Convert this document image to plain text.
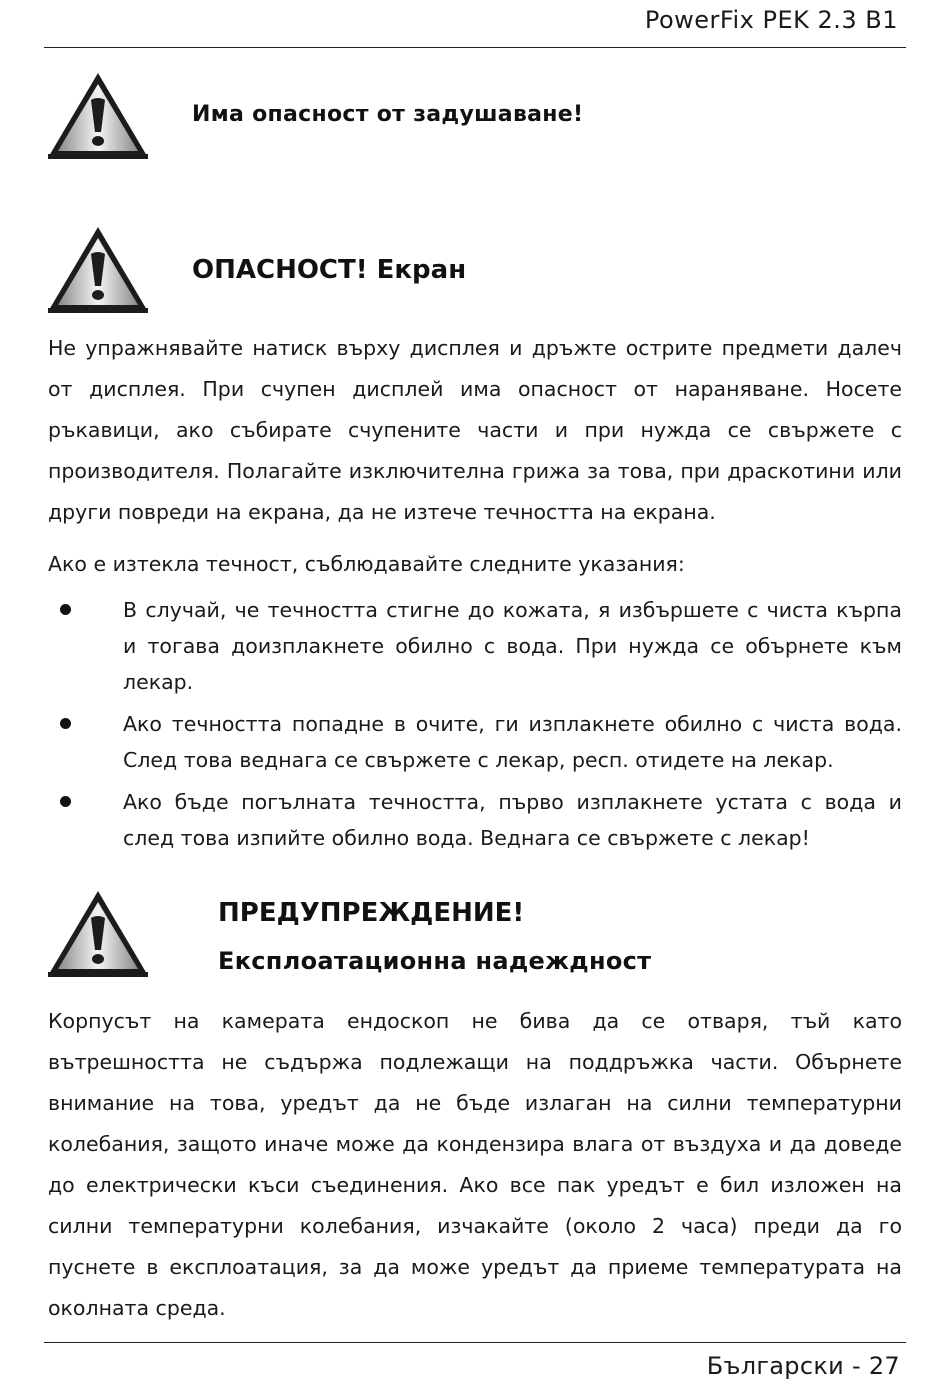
PowerFix PEK 2.3 B1
Има опасност от задушаване!
ОПАСНОСТ! Екран

Не упражнявайте натиск върху дисплея и дръжте острите предмети далеч от дисплея. При счупен дисплей има опасност от нараняване. Носете ръкавици, ако събирате счупените части и при нужда се свържете с производителя. Полагайте изключителна грижа за това, при драскотини или други повреди на екрана, да не изтече течността на екрана.

Ако е изтекла течност, съблюдавайте следните указания:

В случай, че течността стигне до кожата, я избършете с чиста кърпа и тогава доизплакнете обилно с вода. При нужда се обърнете към лекар.
Ако течността попадне в очите, ги изплакнете обилно с чиста вода. След това веднага се свържете с лекар, респ. отидете на лекар.
Ако бъде погълната течността, първо изплакнете устата с вода и след това изпийте обилно вода. Веднага се свържете с лекар!
ПРЕДУПРЕЖДЕНИЕ!
Експлоатационна надеждност

Корпусът на камерата ендоскоп не бива да се отваря, тъй като вътрешността не съдържа подлежащи на поддръжка части. Обърнете внимание на това, уредът да не бъде излаган на силни температурни колебания, защото иначе може да кондензира влага от въздуха и да доведе до електрически къси съединения. Ако все пак уредът е бил изложен на силни температурни колебания, изчакайте (около 2 часа) преди да го пуснете в експлоатация, за да може уредът да приеме температурата на околната среда.

Български - 27
